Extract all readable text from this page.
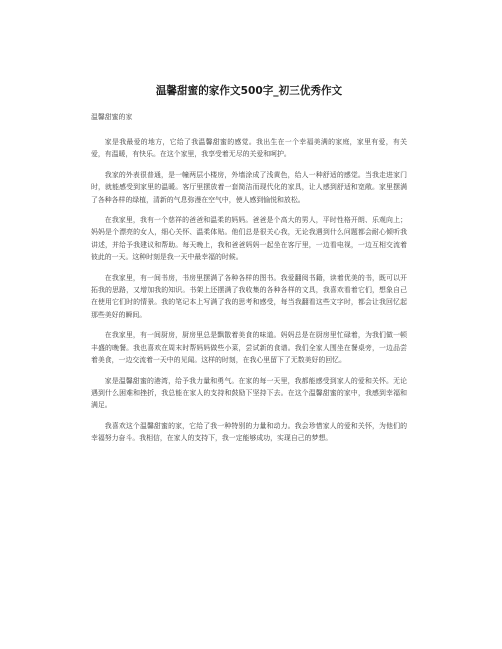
温馨甜蜜的家作文500字_初三优秀作文

温馨甜蜜的家

家是我最爱的地方，它给了我温馨甜蜜的感觉。我出生在一个幸福美满的家庭，家里有爱，有关爱，有温暖，有快乐。在这个家里，我享受着无尽的关爱和呵护。

我家的外表很普通，是一幢两层小楼房，外墙涂成了浅黄色，给人一种舒适的感觉。当我走进家门时，就能感受到家里的温暖。客厅里摆放着一套简洁而现代化的家具，让人感到舒适和宽敞。家里摆满了各种各样的绿植，清新的气息弥漫在空气中，使人感到愉悦和放松。

在我家里，我有一个慈祥的爸爸和温柔的妈妈。爸爸是个高大的男人，平时性格开朗、乐观向上；妈妈是个漂亮的女人，细心关怀、温柔体贴。他们总是很关心我，无论我遇到什么问题都会耐心倾听我讲述，并给予我建议和帮助。每天晚上，我和爸爸妈妈一起坐在客厅里，一边看电视，一边互相交流着彼此的一天。这种时刻是我一天中最幸福的时候。

在我家里，有一间书房，书房里摆满了各种各样的图书。我爱翻阅书籍，读着优美的书，既可以开拓我的思路，又增加我的知识。书架上还摆满了我收集的各种各样的文具，我喜欢看着它们，想象自己在使用它们时的情景。我的笔记本上写满了我的思考和感受，每当我翻看这些文字时，都会让我回忆起那些美好的瞬间。

在我家里，有一间厨房，厨房里总是飘散着美食的味道。妈妈总是在厨房里忙碌着，为我们做一顿丰盛的晚餐。我也喜欢在周末时帮妈妈做些小菜，尝试新的食谱。我们全家人围坐在餐桌旁，一边品尝着美食，一边交流着一天中的见闻。这样的时刻，在我心里留下了无数美好的回忆。

家是温馨甜蜜的港湾，给予我力量和勇气。在家的每一天里，我都能感受到家人的爱和关怀。无论遇到什么困难和挫折，我总能在家人的支持和鼓励下坚持下去。在这个温馨甜蜜的家中，我感到幸福和满足。

我喜欢这个温馨甜蜜的家，它给了我一种特别的力量和动力。我会珍惜家人的爱和关怀，为他们的幸福努力奋斗。我相信，在家人的支持下，我一定能够成功，实现自己的梦想。
